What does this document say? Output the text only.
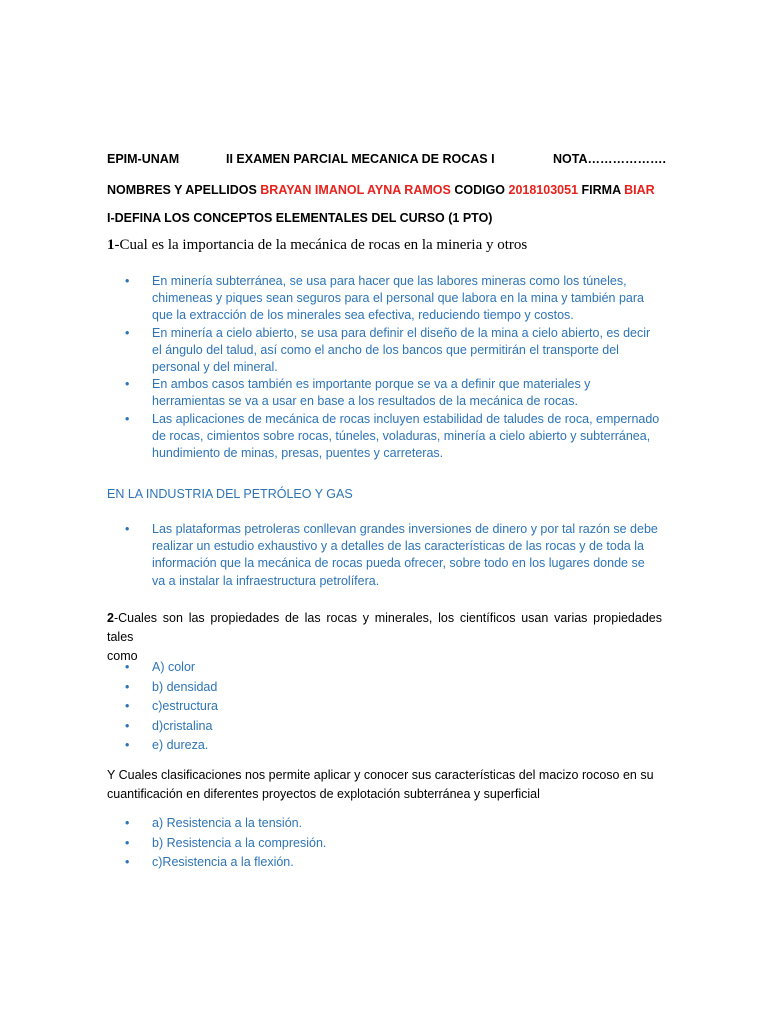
EPIM-UNAM	II EXAMEN PARCIAL MECANICA DE ROCAS I	NOTA……………….
NOMBRES Y APELLIDOS BRAYAN IMANOL AYNA RAMOS CODIGO 2018103051 FIRMA BIAR
I-DEFINA LOS CONCEPTOS ELEMENTALES DEL CURSO (1 PTO)
1-Cual es la importancia de la mecánica de rocas en la mineria y otros
• En minería subterránea, se usa para hacer que las labores mineras como los túneles,
chimeneas y piques sean seguros para el personal que labora en la mina y también para
que la extracción de los minerales sea efectiva, reduciendo tiempo y costos.
• En minería a cielo abierto, se usa para definir el diseño de la mina a cielo abierto, es decir
el ángulo del talud, así como el ancho de los bancos que permitirán el transporte del
personal y del mineral.
• En ambos casos también es importante porque se va a definir que materiales y
herramientas se va a usar en base a los resultados de la mecánica de rocas.
• Las aplicaciones de mecánica de rocas incluyen estabilidad de taludes de roca, empernado
de rocas, cimientos sobre rocas, túneles, voladuras, minería a cielo abierto y subterránea,
hundimiento de minas, presas, puentes y carreteras.
EN LA INDUSTRIA DEL PETRÓLEO Y GAS
• Las plataformas petroleras conllevan grandes inversiones de dinero y por tal razón se debe
realizar un estudio exhaustivo y a detalles de las características de las rocas y de toda la
información que la mecánica de rocas pueda ofrecer, sobre todo en los lugares donde se
va a instalar la infraestructura petrolífera.
2-Cuales son las propiedades de las rocas y minerales, los científicos usan varias propiedades tales
como
• A) color
• b) densidad
• c)estructura
• d)cristalina
• e) dureza.
Y Cuales clasificaciones nos permite aplicar y conocer sus características del macizo rocoso en su
cuantificación en diferentes proyectos de explotación subterránea y superficial
• a) Resistencia a la tensión.
• b) Resistencia a la compresión.
• c)Resistencia a la flexión.
